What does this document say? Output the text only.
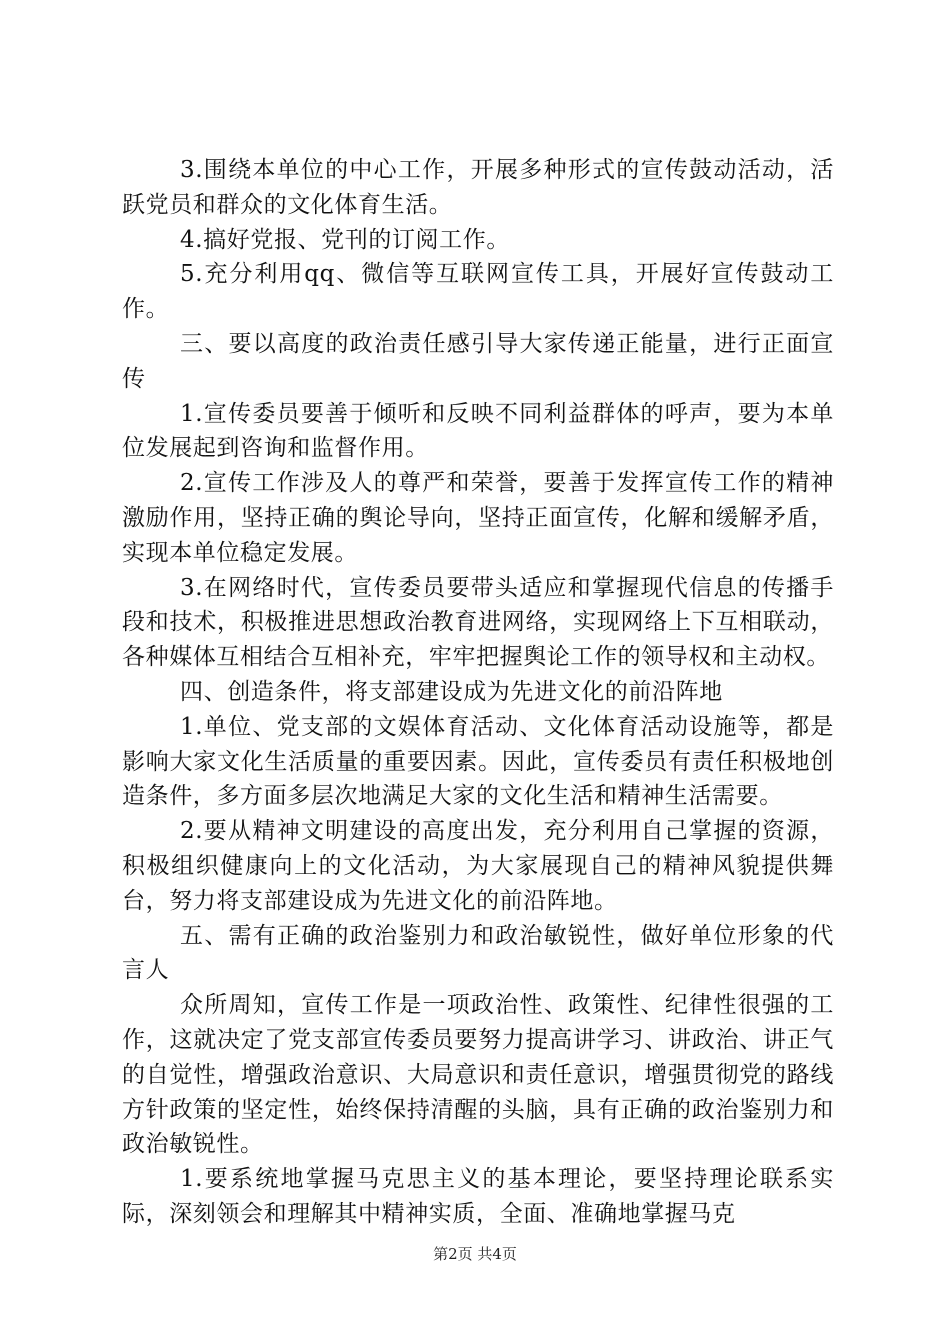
3.围绕本单位的中心工作，开展多种形式的宣传鼓动活动，活跃党员和群众的文化体育生活。

4.搞好党报、党刊的订阅工作。

5.充分利用qq、微信等互联网宣传工具，开展好宣传鼓动工作。

三、要以高度的政治责任感引导大家传递正能量，进行正面宣传

1.宣传委员要善于倾听和反映不同利益群体的呼声，要为本单位发展起到咨询和监督作用。

2.宣传工作涉及人的尊严和荣誉，要善于发挥宣传工作的精神激励作用，坚持正确的舆论导向，坚持正面宣传，化解和缓解矛盾，实现本单位稳定发展。

3.在网络时代，宣传委员要带头适应和掌握现代信息的传播手段和技术，积极推进思想政治教育进网络，实现网络上下互相联动，各种媒体互相结合互相补充，牢牢把握舆论工作的领导权和主动权。

四、创造条件，将支部建设成为先进文化的前沿阵地

1.单位、党支部的文娱体育活动、文化体育活动设施等，都是影响大家文化生活质量的重要因素。因此，宣传委员有责任积极地创造条件，多方面多层次地满足大家的文化生活和精神生活需要。

2.要从精神文明建设的高度出发，充分利用自己掌握的资源，积极组织健康向上的文化活动，为大家展现自己的精神风貌提供舞台，努力将支部建设成为先进文化的前沿阵地。

五、需有正确的政治鉴别力和政治敏锐性，做好单位形象的代言人

众所周知，宣传工作是一项政治性、政策性、纪律性很强的工作，这就决定了党支部宣传委员要努力提高讲学习、讲政治、讲正气的自觉性，增强政治意识、大局意识和责任意识，增强贯彻党的路线方针政策的坚定性，始终保持清醒的头脑，具有正确的政治鉴别力和政治敏锐性。

1.要系统地掌握马克思主义的基本理论，要坚持理论联系实际，深刻领会和理解其中精神实质，全面、准确地掌握马克

第2页 共4页
